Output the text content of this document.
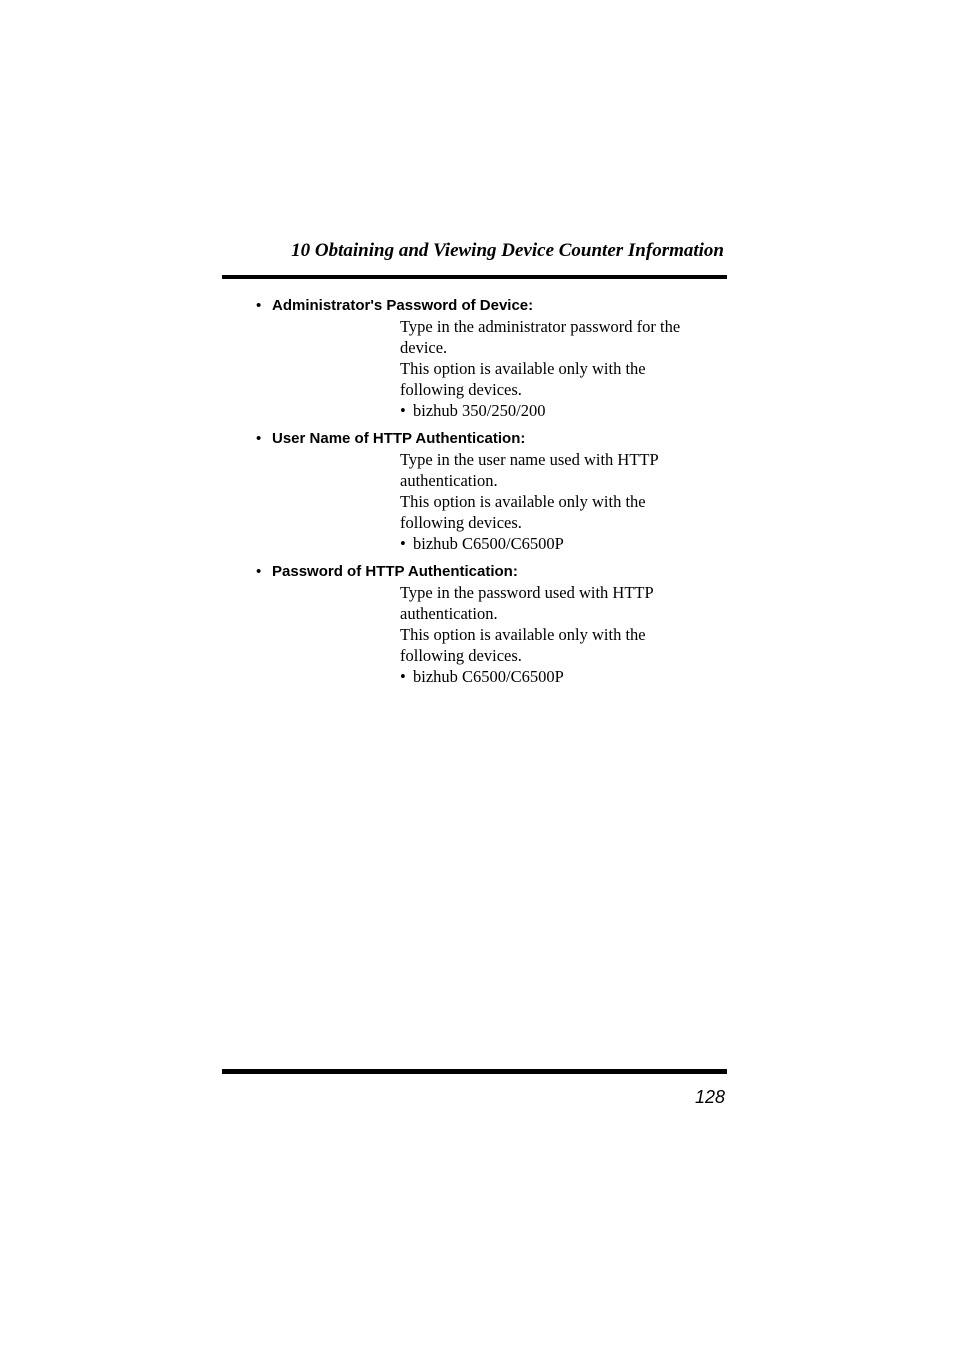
10 Obtaining and Viewing Device Counter Information
• Administrator's Password of Device:
Type in the administrator password for the
device.
This option is available only with the
following devices.
• bizhub 350/250/200
• User Name of HTTP Authentication:
Type in the user name used with HTTP
authentication.
This option is available only with the
following devices.
• bizhub C6500/C6500P
• Password of HTTP Authentication:
Type in the password used with HTTP
authentication.
This option is available only with the
following devices.
• bizhub C6500/C6500P
128
